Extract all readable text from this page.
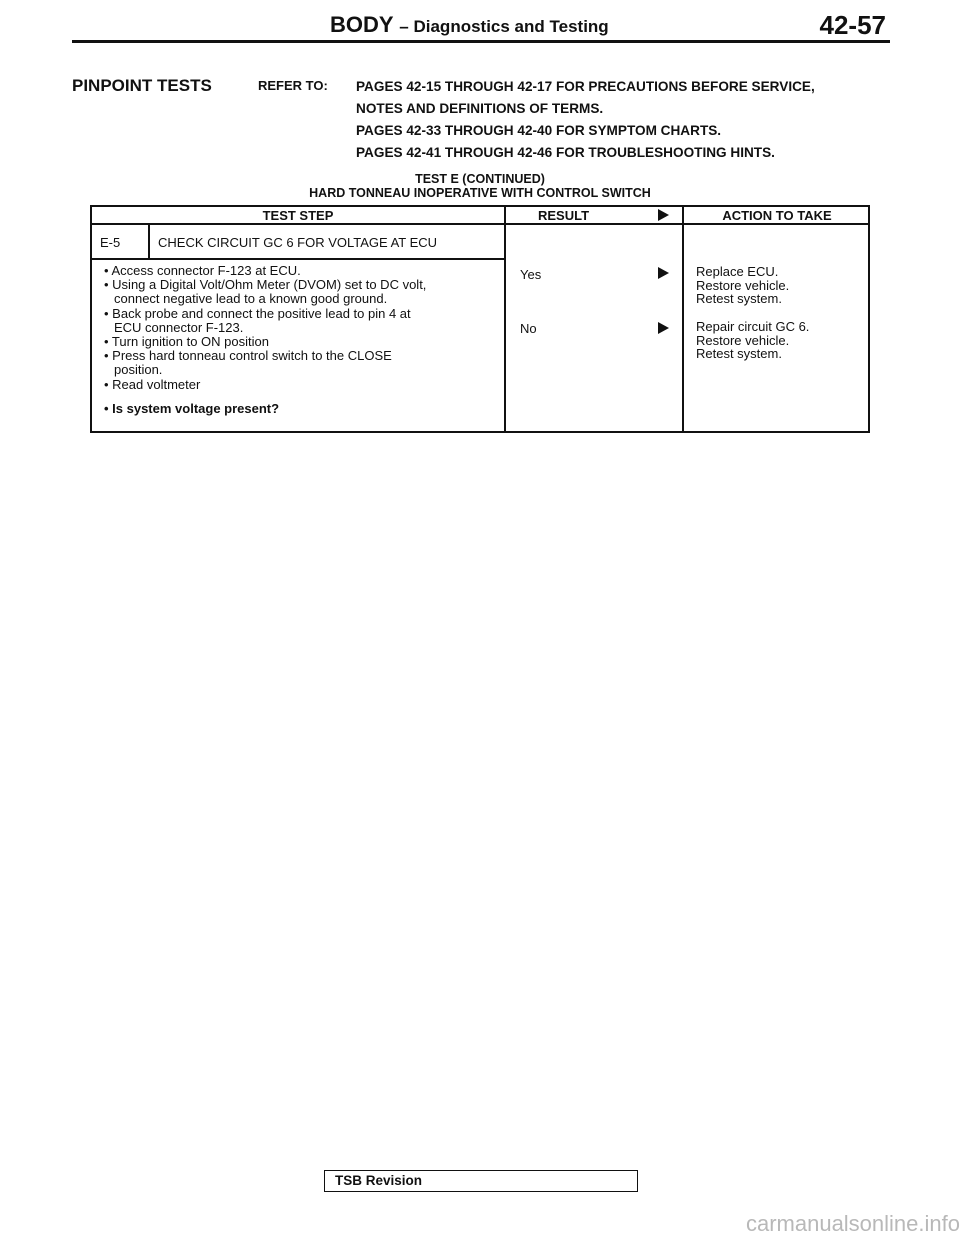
BODY – Diagnostics and Testing	42-57
PINPOINT TESTS	REFER TO: PAGES 42-15 THROUGH 42-17 FOR PRECAUTIONS BEFORE SERVICE,
NOTES AND DEFINITIONS OF TERMS.
PAGES 42-33 THROUGH 42-40 FOR SYMPTOM CHARTS.
PAGES 42-41 THROUGH 42-46 FOR TROUBLESHOOTING HINTS.
TEST E (CONTINUED)
HARD TONNEAU INOPERATIVE WITH CONTROL SWITCH
TEST STEP	RESULT	ACTION TO TAKE
E-5	CHECK CIRCUIT GC 6 FOR VOLTAGE AT ECU
• Access connector F-123 at ECU.
• Using a Digital Volt/Ohm Meter (DVOM) set to DC volt,
connect negative lead to a known good ground.
• Back probe and connect the positive lead to pin 4 at
ECU connector F-123.
• Turn ignition to ON position
• Press hard tonneau control switch to the CLOSE
position.
• Read voltmeter
• Is system voltage present?
Yes	Replace ECU.
Restore vehicle.
Retest system.
No	Repair circuit GC 6.
Restore vehicle.
Retest system.
TSB Revision
carmanualsonline.info
